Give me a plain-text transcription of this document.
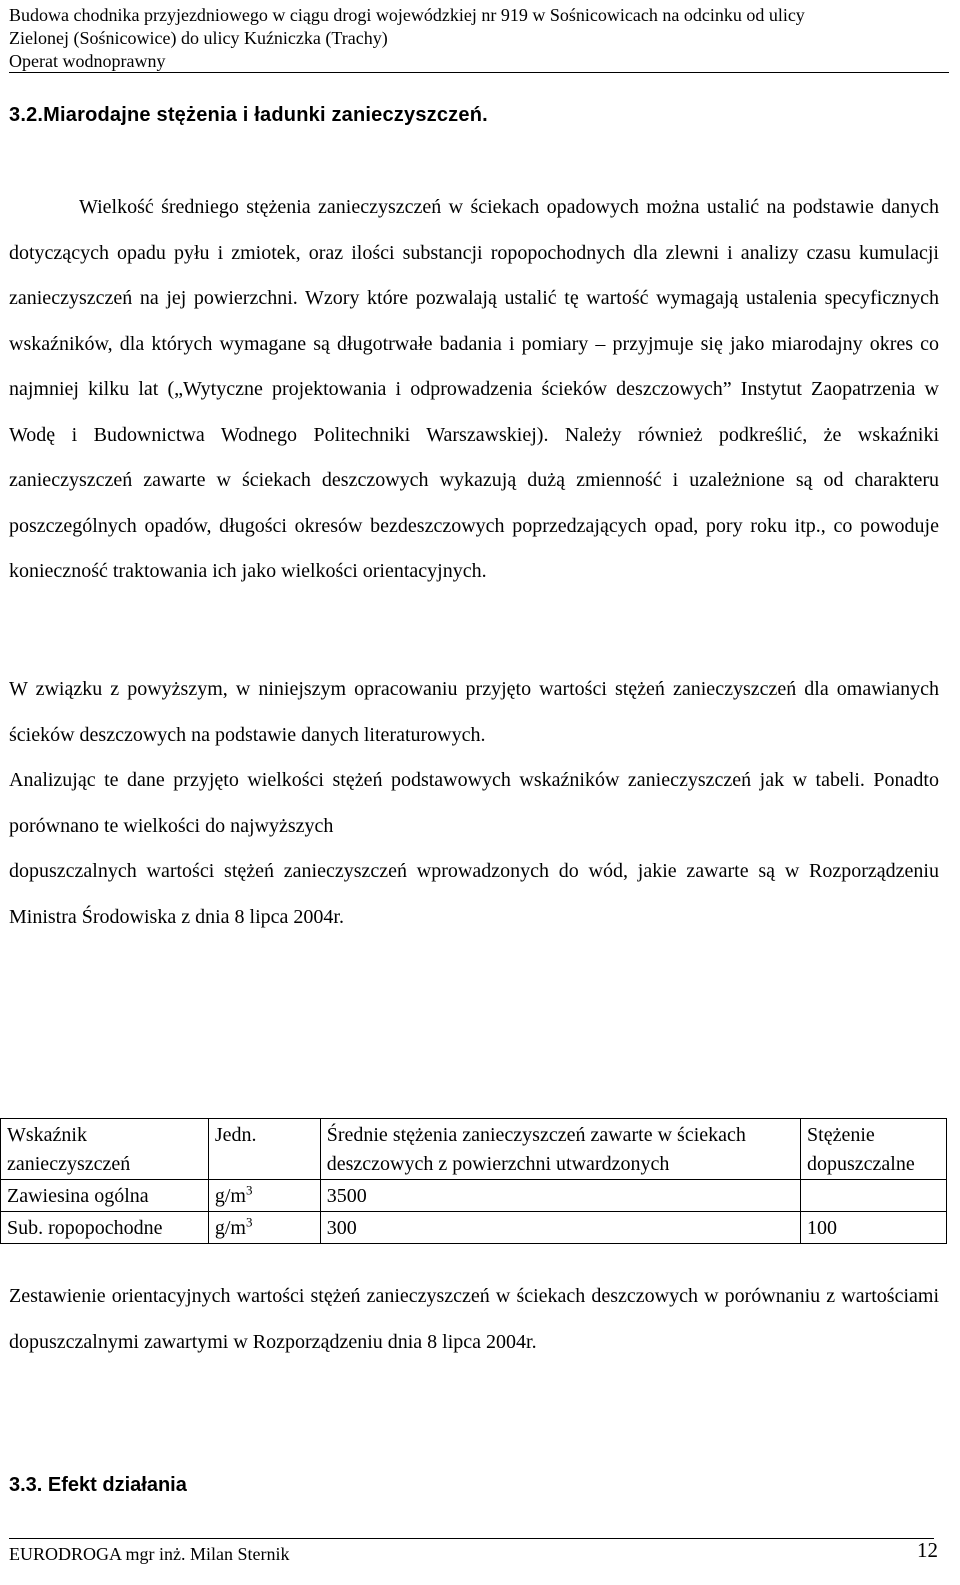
Budowa chodnika przyjezdniowego w ciągu drogi wojewódzkiej nr 919 w Sośnicowicach na odcinku od ulicy
Zielonej (Sośnicowice) do ulicy Kuźniczka (Trachy)
Operat wodnoprawny
3.2.Miarodajne stężenia i ładunki zanieczyszczeń.
Wielkość średniego stężenia zanieczyszczeń w ściekach opadowych można ustalić na podstawie danych dotyczących opadu pyłu i zmiotek, oraz ilości substancji ropopochodnych dla zlewni i analizy czasu kumulacji zanieczyszczeń na jej powierzchni. Wzory które pozwalają ustalić tę wartość wymagają ustalenia specyficznych wskaźników, dla których wymagane są długotrwałe badania i pomiary – przyjmuje się jako miarodajny okres co najmniej kilku lat („Wytyczne projektowania i odprowadzenia ścieków deszczowych” Instytut Zaopatrzenia w Wodę i Budownictwa Wodnego Politechniki Warszawskiej). Należy również podkreślić, że wskaźniki zanieczyszczeń zawarte w ściekach deszczowych wykazują dużą zmienność i uzależnione są od charakteru poszczególnych opadów, długości okresów bezdeszczowych poprzedzających opad, pory roku itp., co powoduje konieczność traktowania ich jako wielkości orientacyjnych.
W związku z powyższym, w niniejszym opracowaniu przyjęto wartości stężeń zanieczyszczeń dla omawianych ścieków deszczowych na podstawie danych literaturowych.
Analizując te dane przyjęto wielkości stężeń podstawowych wskaźników zanieczyszczeń jak w tabeli. Ponadto porównano te wielkości do najwyższych
dopuszczalnych wartości stężeń zanieczyszczeń wprowadzonych do wód, jakie zawarte są w Rozporządzeniu Ministra Środowiska z dnia 8 lipca 2004r.
Zestawienie orientacyjnych wartości stężeń zanieczyszczeń w ściekach deszczowych w porównaniu z wartościami dopuszczalnymi zawartymi w Rozporządzeniu dnia 8 lipca 2004r.
Wskaźnik zanieczyszczeń	Jedn.	Średnie stężenia zanieczyszczeń zawarte w ściekach deszczowych z powierzchni utwardzonych	Stężenie dopuszczalne
Zawiesina ogólna	$g/m^3$	3500	
Sub. ropopochodne	$g/m^3$	300	100
3.3. Efekt działania
EURODROGA mgr inż. Milan Sternik	12
